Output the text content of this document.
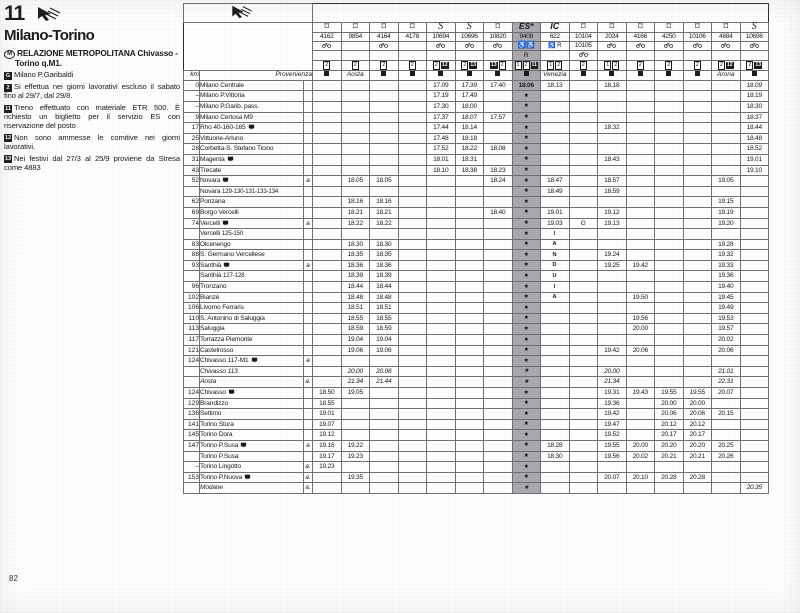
11
Milano-Torino
M RELAZIONE METROPOLITANA Chivasso -
Torino q.M1.
G Milano P.Garibaldi
2 Si effettua nei giorni lavorativi escluso il sabato fino al 29/7, dal 29/8.
11 Treno effettuato con materiale ETR 500. È richiesto un biglietto per il servizio ES con riservazione del posto
12 Non sono ammesse le comitive nei giorni lavorativi.
13 Nei festivi dal 27/3 al 25/9 proviene da Stresa come 4883

			⌑	⌑	⌑	⌑	S	S	⌑	ES*	IC	⌑	⌑	⌑	⌑	⌑	⌑	S
			4162	9854	4164	4178	10694	10696	10820	9408	622	10104	2024	4166	4250	10106	4884	10698
								♿♿	♿ R	10105						
										R								
			2	2	2	2	2 12	2 13	13 2	1 2 11	1 2	2	1 2	2	2	2	2 12	2 13
km	Provenienza			Aosta							Venezia						Arona	
0	Milano Centrale						17.09	17.39	17.40	18.06	18.13		18.18					18.09
–	Milano P.Vittoria						17.19	17.49		★								18.19
–	Milano P.Garib. pass.						17.30	18.00		★								18.30
9	Milano Certosa M9						17.37	18.07	17.57	★								18.37
17	Rho 40-160-165						17.44	18.14		★			18.32					18.44
25	Vittuone-Arluno						17.48	18.18		★								18.48
28	Corbetta-S. Stefano Ticino						17.52	18.22	18.08	★								18.52
31	Magenta						18.01	18.31		★			18.43					19.01
43	Trecate						18.10	18.38	18.23	★								19.10
52	Novara	a		18.05	18.05				18.24	★	18.47		18.57				19.05	
	Novara 129-130-131-133-134									★	18.49		18.59					
62	Ponzana			18.16	18.16					★							19.15	
69	Borgo Vercelli			18.21	18.21				18.40	★	19.01		19.12				19.19	
74	Vercelli	a		18.22	18.22					★	19.03	G	19.13				19.20	
	Vercelli 125-150									★	I							
83	Olcenengo			18.30	18.30					★	A						19.28	
88	S. Germano Vercellese			18.35	18.35					★	N		19.24				19.32	
93	Santhià	a		18.36	18.36					★	D		19.25	19.42			19.33	
	Santhià 127-128			18.39	18.39					★	U						19.36	
96	Tronzano			18.44	18.44					★	I						19.40	
102	Bianzè			18.48	18.48					★	A			19.50			19.45	
106	Livorno Ferraris			18.51	18.51					★							19.49	
110	S. Antonino di Saluggia			18.55	18.55					★				19.56			19.53	
113	Saluggia			18.59	18.59					★				20.00			19.57	
117	Torrazza Piemonte			19.04	19.04					★							20.02	
121	Castelrosso			19.06	19.06					★			19.42	20.06			20.06	
124	Chivasso 117-M1	a								★								
	Chivasso 113			20.00	20.06					★			20.00				21.01	
	Aosta	a.		21.34	21.44					★			21.34				22.31	
124	Chivasso		18.50	19.05						★			19.31	19.43	19.55	19.55	20.07	
129	Brandizzo		18.55							★			19.36		20.00	20.00		
136	Settimo		19.01							★			19.42		20.06	20.06	20.15	
141	Torino Stura		19.07							★			19.47		20.12	20.12		
145	Torino Dora		19.12							★			19.52		20.17	20.17		
147	Torino P.Susa	a	19.16	19.22						★	18.28		19.55	20.00	20.20	20.20	20.25	
	Torino P.Susa		19.17	19.23						★	18.30		19.56	20.02	20.21	20.21	20.26	
–	Torino Lingotto	a.	19.23							★								
153	Torino P.Nuova	a.		19.35						★			20.07	20.10	20.28	20.28		
	Modane	a.								★								20.35
82
